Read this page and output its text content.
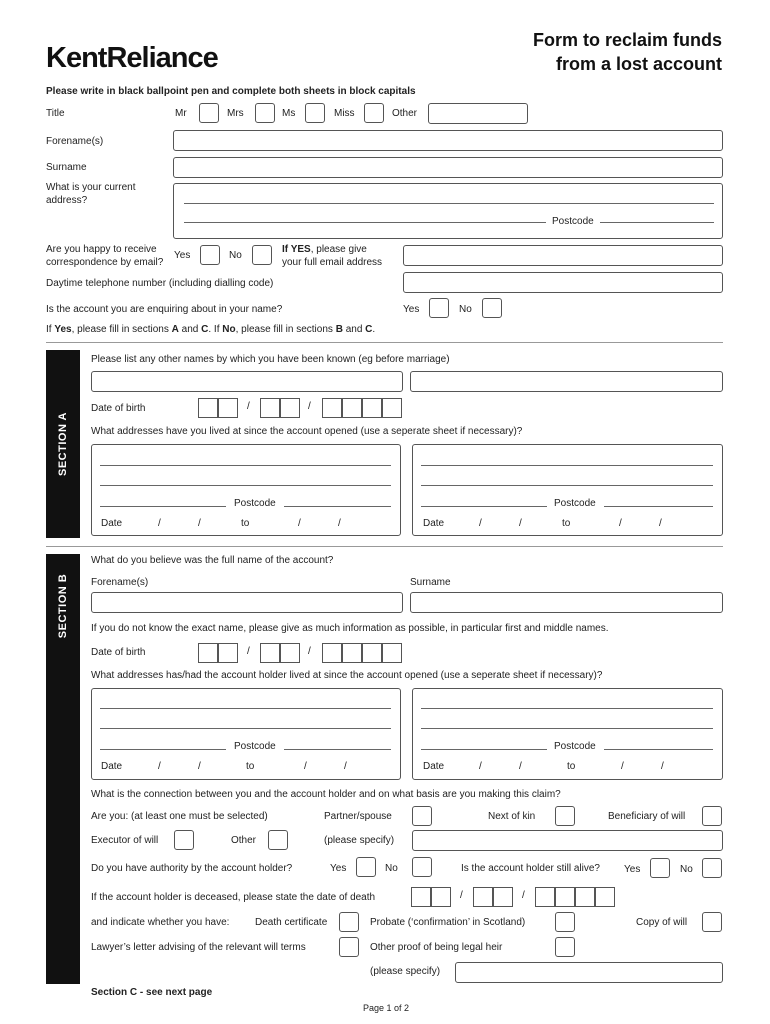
KentReliance
Form to reclaim funds
from a lost account
Please write in black ballpoint pen and complete both sheets in block capitals
Title	Mr	Mrs	Ms	Miss	Other
Forename(s)
Surname
What is your current
address?
Postcode
Are you happy to receive
correspondence by email?
Yes	No
If YES, please give
your full email address
Daytime telephone number (including dialling code)
Is the account you are enquiring about in your name?	Yes	No
If Yes, please fill in sections A and C. If No, please fill in sections B and C.
SECTION A
Please list any other names by which you have been known (eg before marriage)
Date of birth	/	/
What addresses have you lived at since the account opened (use a seperate sheet if necessary)?
Postcode
Date	/	/	to	/	/
Postcode
Date	/	/	to	/	/
SECTION B
What do you believe was the full name of the account?
Forename(s)	Surname
If you do not know the exact name, please give as much information as possible, in particular first and middle names.
Date of birth	/	/
What addresses has/had the account holder lived at since the account opened (use a seperate sheet if necessary)?
Postcode
Date	/	/	to	/	/
Postcode
Date	/	/	to	/	/
What is the connection between you and the account holder and on what basis are you making this claim?
Are you: (at least one must be selected)	Partner/spouse	Next of kin	Beneficiary of will
Executor of will	Other	(please specify)
Do you have authority by the account holder?	Yes	No	Is the account holder still alive? Yes	No
If the account holder is deceased, please state the date of death	/	/
and indicate whether you have:	Death certificate	Probate (‘confirmation’ in Scotland)	Copy of will
Lawyer’s letter advising of the relevant will terms	Other proof of being legal heir
(please specify)
Section C - see next page
Page 1 of 2
